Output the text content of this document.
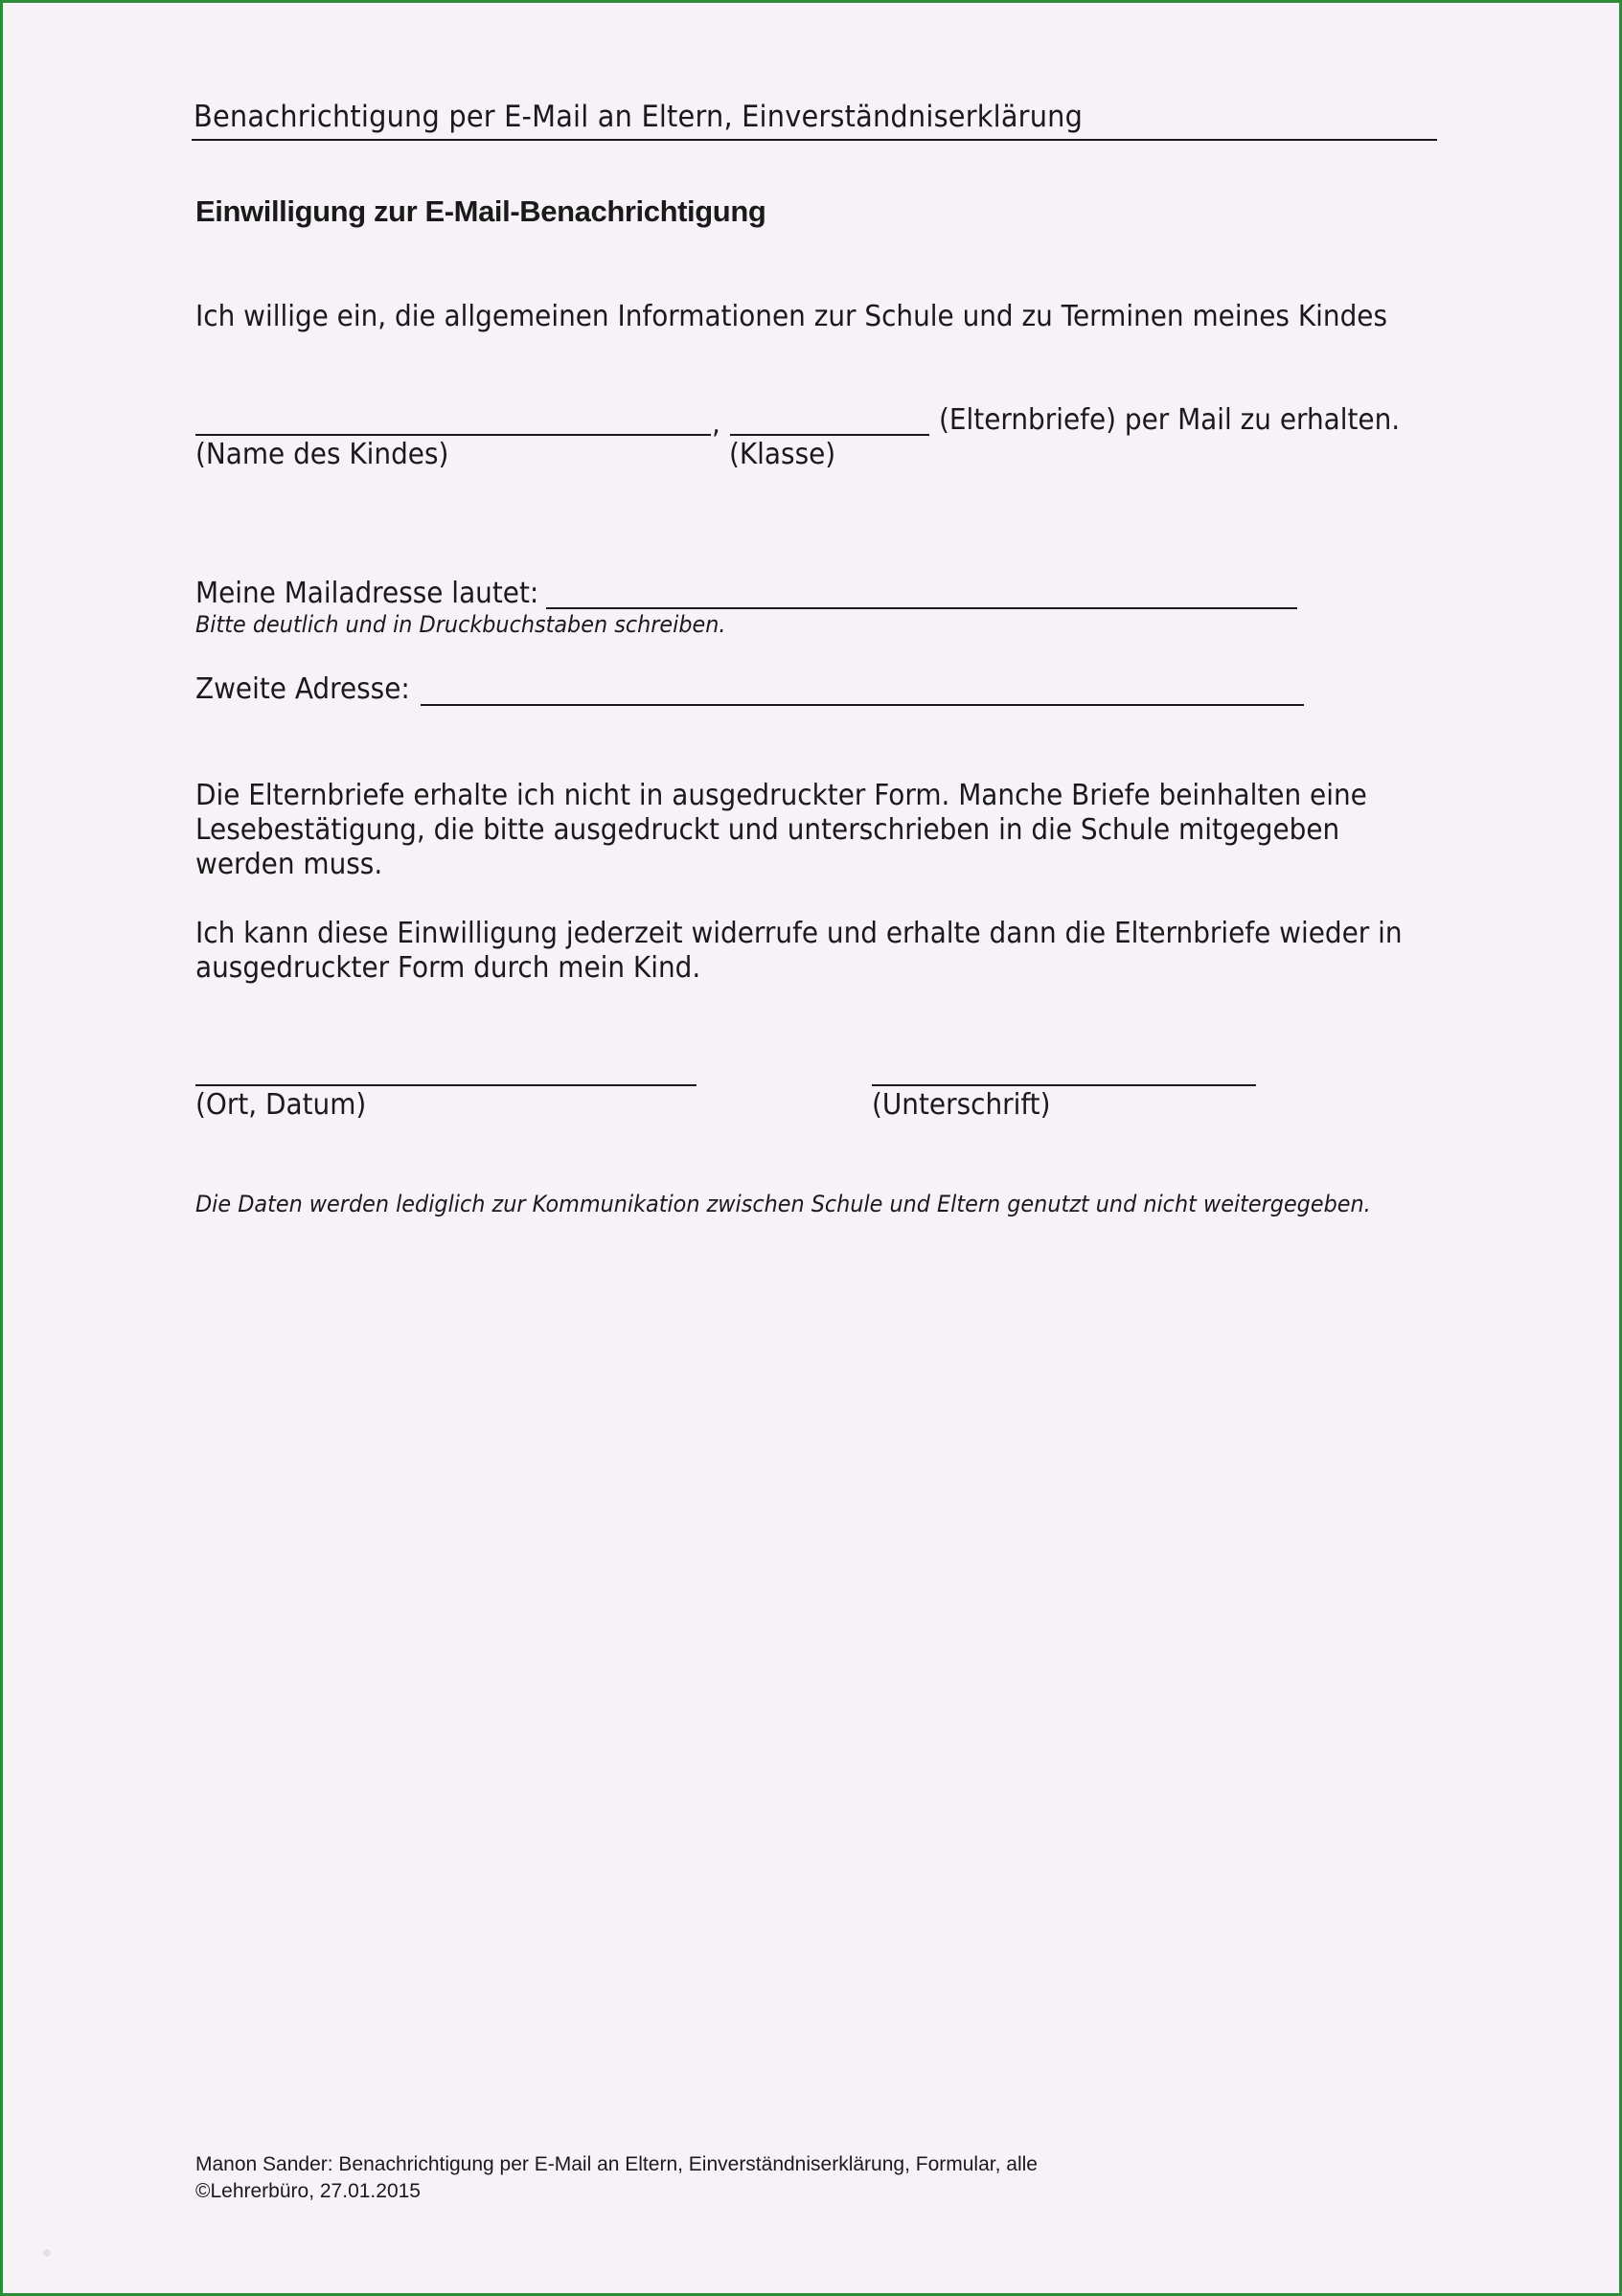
Benachrichtigung per E-Mail an Eltern, Einverständniserklärung
Einwilligung zur E-Mail-Benachrichtigung
Ich willige ein, die allgemeinen Informationen zur Schule und zu Terminen meines Kindes
,	(Elternbriefe) per Mail zu erhalten.
(Name des Kindes)	(Klasse)
Meine Mailadresse lautet:
Bitte deutlich und in Druckbuchstaben schreiben.
Zweite Adresse:
Die Elternbriefe erhalte ich nicht in ausgedruckter Form. Manche Briefe beinhalten eine Lesebestätigung, die bitte ausgedruckt und unterschrieben in die Schule mitgegeben werden muss.
Ich kann diese Einwilligung jederzeit widerrufe und erhalte dann die Elternbriefe wieder in ausgedruckter Form durch mein Kind.
(Ort, Datum)	(Unterschrift)
Die Daten werden lediglich zur Kommunikation zwischen Schule und Eltern genutzt und nicht weitergegeben.
Manon Sander: Benachrichtigung per E-Mail an Eltern, Einverständniserklärung, Formular, alle
©Lehrerbüro, 27.01.2015
